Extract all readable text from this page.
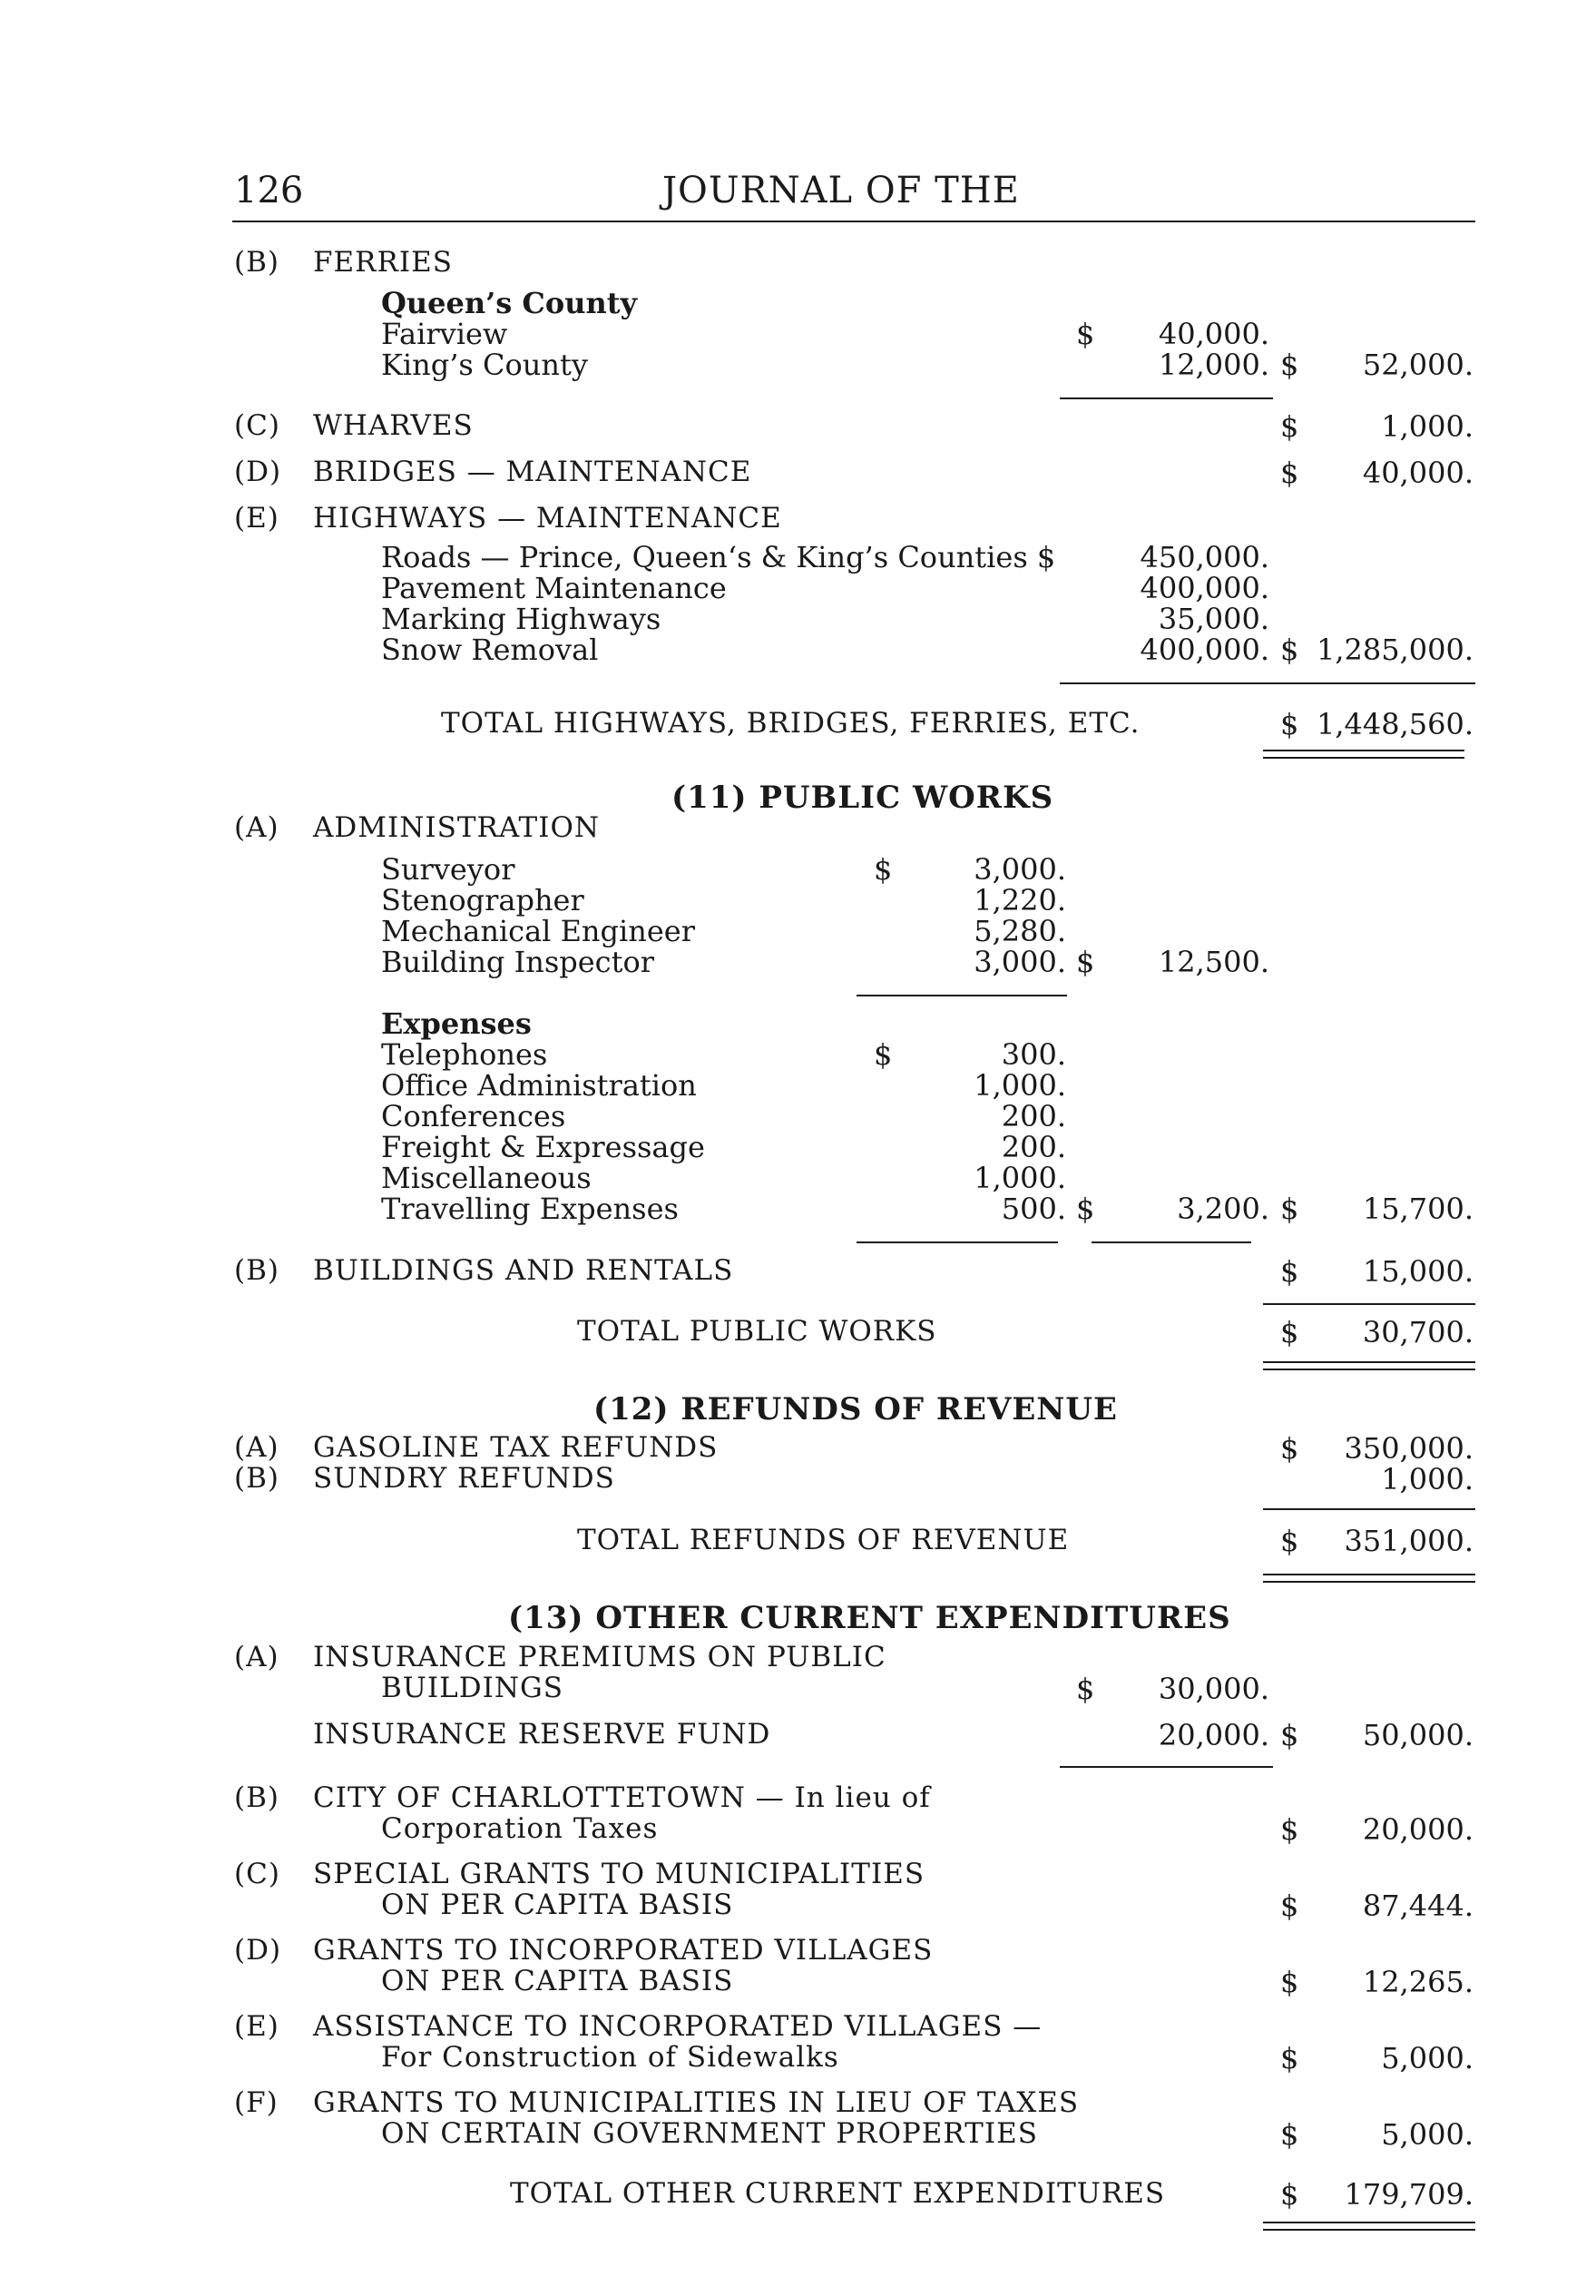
126	JOURNAL OF THE
(B) FERRIES
Queen’s County
Fairview	$ 40,000.
King’s County	12,000. $ 52,000.
(C) WHARVES	$	1,000.
(D) BRIDGES — MAINTENANCE	$ 40,000.
(E) HIGHWAYS — MAINTENANCE
Roads — Prince, Queen‘s & King’s Counties $	450,000.
Pavement Maintenance	400,000.
Marking Highways	35,000.
Snow Removal	400,000. $ 1,285,000.
TOTAL HIGHWAYS, BRIDGES, FERRIES, ETC.	$ 1,448,560.
(11) PUBLIC WORKS
(A) ADMINISTRATION
Surveyor	$	3,000.
Stenographer	1,220.
Mechanical Engineer	5,280.
Building Inspector	3,000. $ 12,500.
Expenses
Telephones	$	300.
Office Administration	1,000.
Conferences	200.
Freight & Expressage	200.
Miscellaneous	1,000.
Travelling Expenses	500. $	3,200. $ 15,700.
(B) BUILDINGS AND RENTALS	$ 15,000.
TOTAL PUBLIC WORKS	$ 30,700.
(12) REFUNDS OF REVENUE
(A) GASOLINE TAX REFUNDS	$ 350,000.
(B) SUNDRY REFUNDS	1,000.
TOTAL REFUNDS OF REVENUE	$ 351,000.
(13) OTHER CURRENT EXPENDITURES
(A) INSURANCE PREMIUMS ON PUBLIC
BUILDINGS	$ 30,000.
INSURANCE RESERVE FUND	20,000. $ 50,000.
(B) CITY OF CHARLOTTETOWN — In lieu of
Corporation Taxes	$ 20,000.
(C) SPECIAL GRANTS TO MUNICIPALITIES
ON PER CAPITA BASIS	$ 87,444.
(D) GRANTS TO INCORPORATED VILLAGES
ON PER CAPITA BASIS	$ 12,265.
(E) ASSISTANCE TO INCORPORATED VILLAGES —
For Construction of Sidewalks	$	5,000.
(F) GRANTS TO MUNICIPALITIES IN LIEU OF TAXES
ON CERTAIN GOVERNMENT PROPERTIES	$	5,000.
TOTAL OTHER CURRENT EXPENDITURES	$ 179,709.
